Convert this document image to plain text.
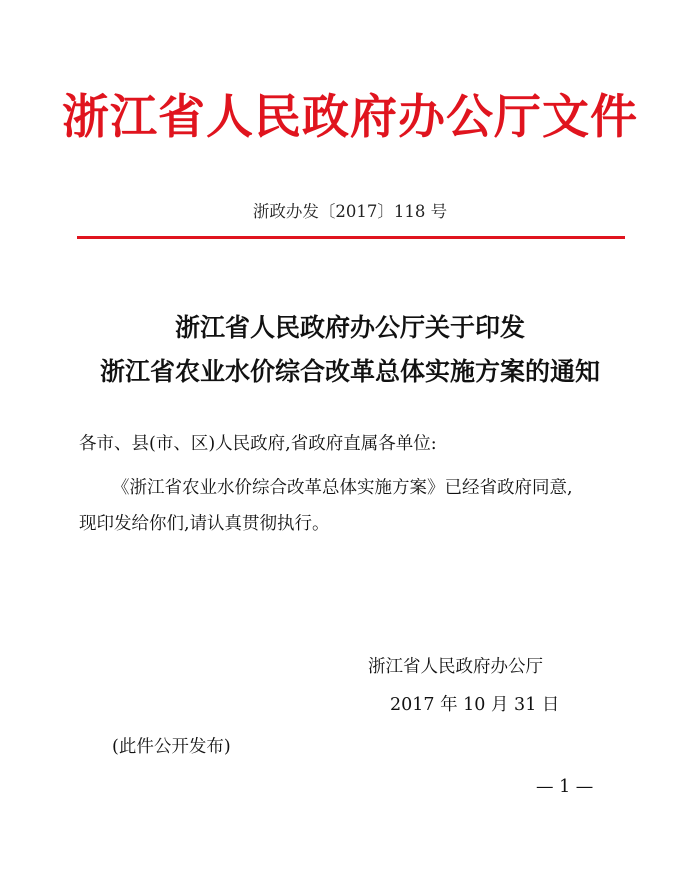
浙江省人民政府办公厅文件
浙政办发〔2017〕118 号
浙江省人民政府办公厅关于印发
浙江省农业水价综合改革总体实施方案的通知
各市、县(市、区)人民政府,省政府直属各单位:
《浙江省农业水价综合改革总体实施方案》已经省政府同意,
现印发给你们,请认真贯彻执行。
浙江省人民政府办公厅
2017 年 10 月 31 日
(此件公开发布)
— 1 —
